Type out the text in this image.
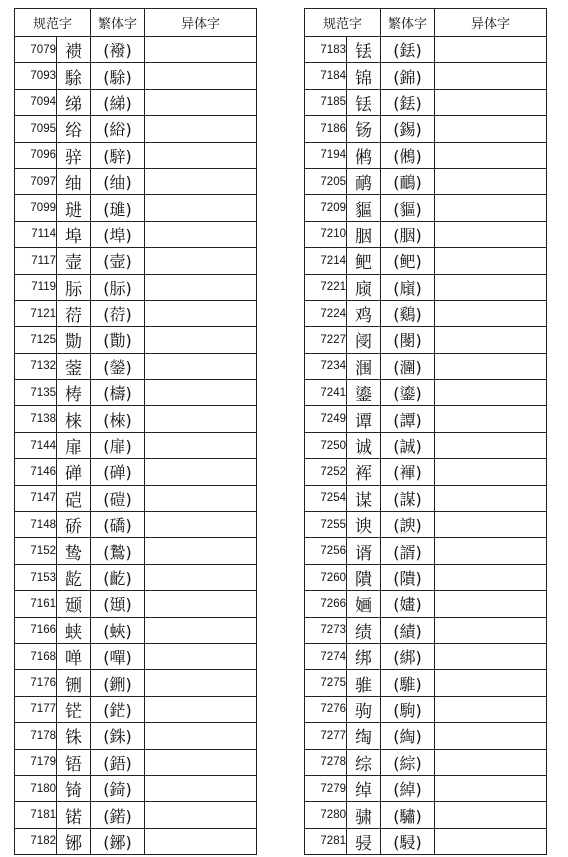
规范字		繁体字	异体字
7079	䙌	(襏)	
7093	駼	(駼)	
7094	绨	(綈)	
7095	绤	(綌)	
7096	骍	(騂)	
7097	䌷	(䌷)	
7099	琎	(璡)	
7114	埠	(埠)	
7117	壸	(壸)	
7119	䏡	(䏡)	
7121	葕	(葕)	
7125	勚	(勩)	
7132	蓥	(鎣)	
7135	梼	(檮)	
7138	梾	(棶)	
7144	扉	(扉)	
7146	䃅	(䃅)	
7147	硙	(磑)	
7148	硚	(礄)	
7152	鸷	(鷙)	
7153	龁	(齕)	
7161	颋	(頲)	
7166	蛱	(蛺)	
7168	啴	(嘽)	
7176	铏	(鉶)	
7177	铓	(鋩)	
7178	铢	(銖)	
7179	铻	(鋙)	
7180	锜	(錡)	
7181	锘	(鍩)	
7182	铘	(鋣)	
规范字		繁体字	异体字
7183	铥	(銩)	
7184	锦	(錦)	
7185	铥	(銩)	
7186	钖	(錫)	
7194	鸺	(鵂)	
7205	鸸	(鴯)	
7209	貙	(貙)	
7210	胭	(胭)	
7214	鲃	(鲃)	
7221	庼	(廎)	
7224	鸡	(鷄)	
7227	阌	(閿)	
7234	涠	(潿)	
7241	鎏	(鎏)	
7249	谭	(譚)	
7250	诚	(誠)	
7252	裈	(褌)	
7254	谋	(謀)	
7255	谀	(諛)	
7256	谞	(諝)	
7260	隤	(隤)	
7266	婳	(嫿)	
7273	绩	(績)	
7274	绑	(綁)	
7275	骓	(騅)	
7276	驹	(駒)	
7277	绹	(綯)	
7278	综	(綜)	
7279	绰	(綽)	
7280	骕	(驌)	
7281	骎	(駸)	
